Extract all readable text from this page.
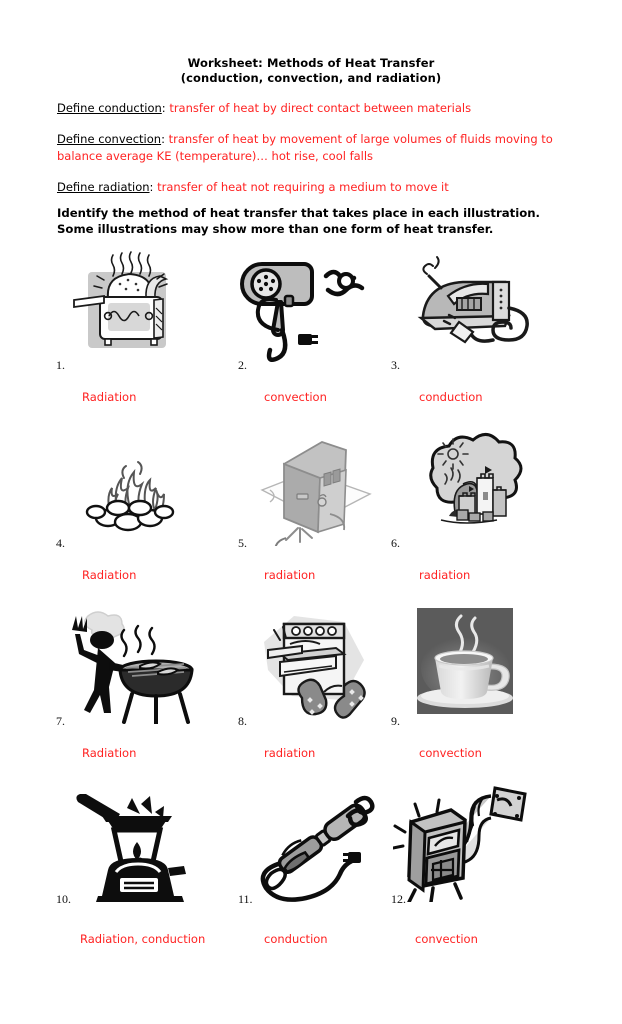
Worksheet: Methods of Heat Transfer
(conduction, convection, and radiation)
Define conduction: transfer of heat by direct contact between materials
Define convection: transfer of heat by movement of large volumes of fluids moving to balance average KE (temperature)… hot rise, cool falls
Define radiation: transfer of heat not requiring a medium to move it
Identify the method of heat transfer that takes place in each illustration. Some illustrations may show more than one form of heat transfer.
1.
Radiation
2.
convection
3.
conduction
4.
Radiation
5.
radiation
6.
radiation
7.
Radiation
8.
radiation
9.
convection
10.
Radiation, conduction
11.
conduction
12.
convection
